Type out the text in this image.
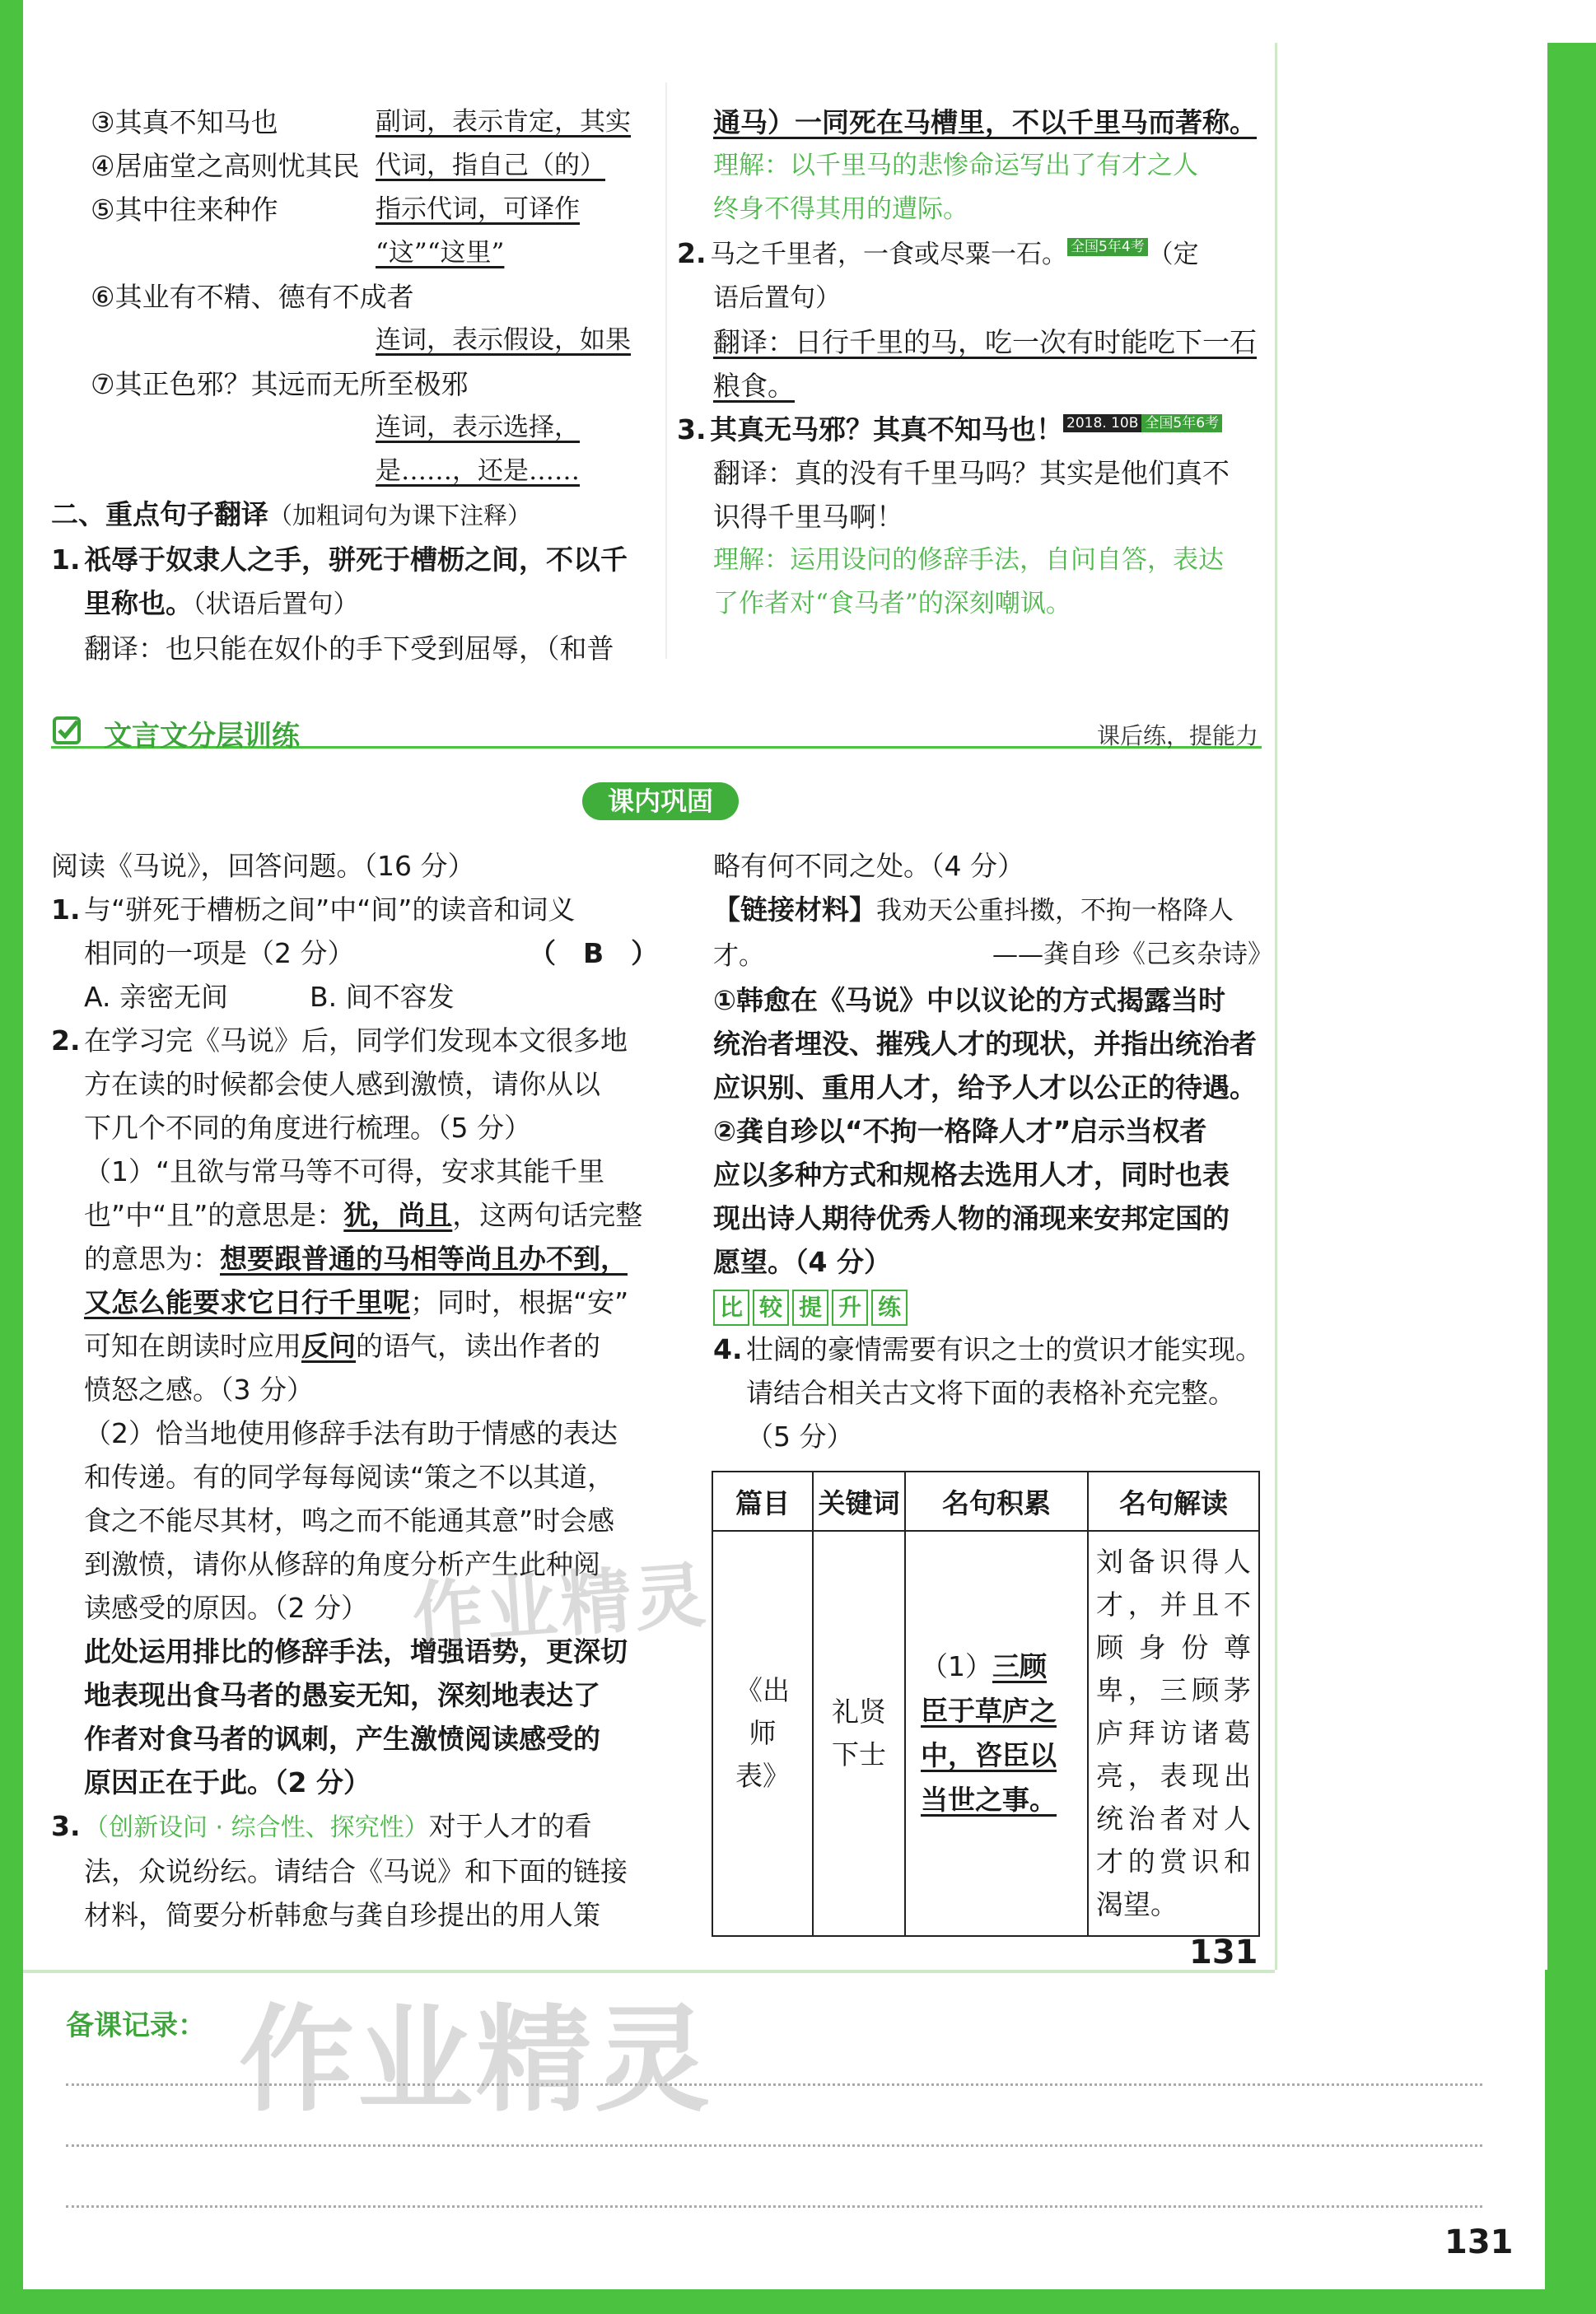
③其真不知马也	副词，表示肯定，其实
④居庙堂之高则忧其民 代词，指自己（的）
⑤其中往来种作	指示代词，可译作
“这”“这里”
⑥其业有不精、德有不成者
连词，表示假设，如果
⑦其正色邪？其远而无所至极邪
连词，表示选择，
是……，还是……

二、重点句子翻译（加粗词句为课下注释）

1. 祇辱于奴隶人之手，骈死于槽枥之间，不以千

里称也。（状语后置句）

翻译：也只能在奴仆的手下受到屈辱，（和普

通马）一同死在马槽里，不以千里马而著称。

理解：以千里马的悲惨命运写出了有才之人

终身不得其用的遭际。

2. 马之千里者，一食或尽粟一石。 全国5年4考 （定

语后置句）

翻译：日行千里的马，吃一次有时能吃下一石

粮食。

3. 其真无马邪？其真不知马也！ 2018. 10B 全国5年6考

翻译：真的没有千里马吗？其实是他们真不

识得千里马啊！

理解：运用设问的修辞手法，自问自答，表达

了作者对“食马者”的深刻嘲讽。

文言文分层训练	课后练，提能力
课内巩固

阅读《马说》，回答问题。（16 分）

1. 与“骈死于槽枥之间”中“间”的读音和词义

相同的一项是（2 分）	（　B　）

A. 亲密无间　　　B. 间不容发

2. 在学习完《马说》后，同学们发现本文很多地

方在读的时候都会使人感到激愤，请你从以

下几个不同的角度进行梳理。（5 分）

（1）“且欲与常马等不可得，安求其能千里

也”中“且”的意思是：犹，尚且，这两句话完整

的意思为：想要跟普通的马相等尚且办不到，

又怎么能要求它日行千里呢；同时，根据“安”

可知在朗读时应用反问的语气，读出作者的

愤怒之感。（3 分）

（2）恰当地使用修辞手法有助于情感的表达

和传递。有的同学每每阅读“策之不以其道，

食之不能尽其材，鸣之而不能通其意”时会感

到激愤，请你从修辞的角度分析产生此种阅

读感受的原因。（2 分）

此处运用排比的修辞手法，增强语势，更深切

地表现出食马者的愚妄无知，深刻地表达了

作者对食马者的讽刺，产生激愤阅读感受的

原因正在于此。（2 分）

3. （创新设问 · 综合性、探究性）对于人才的看

法，众说纷纭。请结合《马说》和下面的链接

材料，简要分析韩愈与龚自珍提出的用人策

略有何不同之处。（4 分）

【链接材料】我劝天公重抖擞，不拘一格降人

才。	——龚自珍《己亥杂诗》

①韩愈在《马说》中以议论的方式揭露当时

统治者埋没、摧残人才的现状，并指出统治者

应识别、重用人才，给予人才以公正的待遇。

②龚自珍以“不拘一格降人才”启示当权者

应以多种方式和规格去选用人才，同时也表

现出诗人期待优秀人物的涌现来安邦定国的

愿望。（4 分）

比 较 提 升 练

4. 壮阔的豪情需要有识之士的赏识才能实现。

请结合相关古文将下面的表格补充完整。

（5 分）

篇目	关键词	名句积累	名句解读

《出师表》	礼贤下士	（1）三顾臣于草庐之中，咨臣以当世之事。	刘备识得人才，并且不顾身份尊卑，三顾茅庐拜访诸葛亮，表现出统治者对人才的赏识和渴望。
131
作业精灵
作业精灵
备课记录：
131
